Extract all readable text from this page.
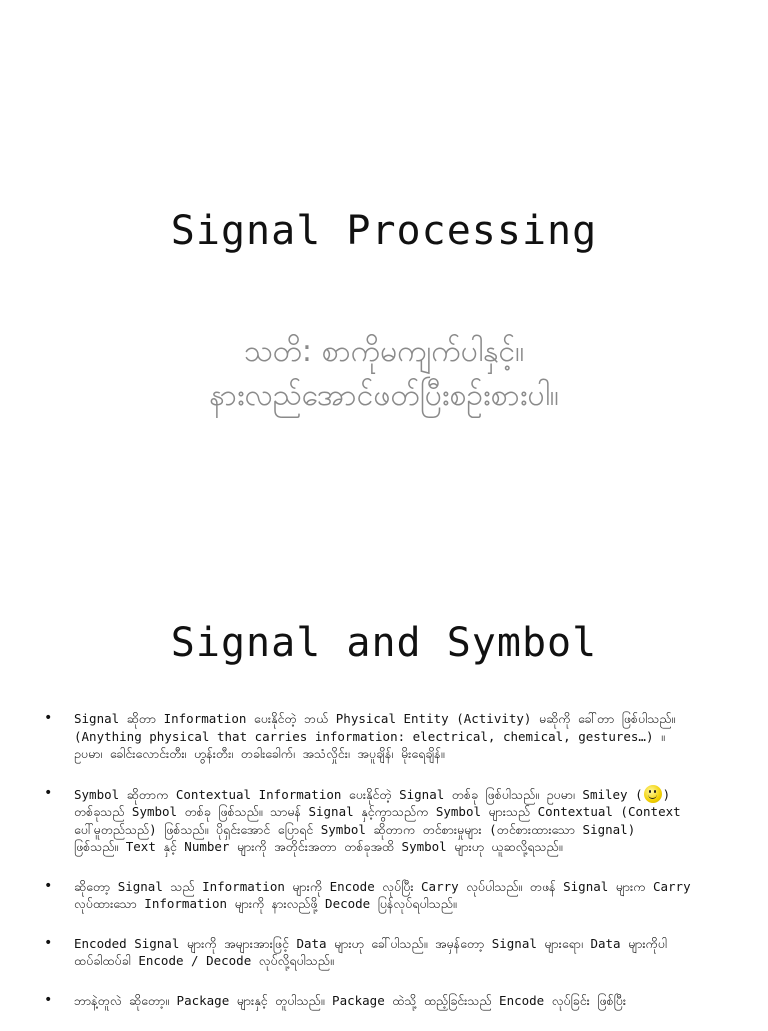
Signal Processing
သတိ: စာကိုမကျက်ပါနှင့်။
နားလည်အောင်ဖတ်ပြီးစဉ်းစားပါ။
Signal and Symbol
• Signal ဆိုတာ Information ပေးနိုင်တဲ့ ဘယ် Physical Entity (Activity) မဆိုကို ခေါ်တာ ဖြစ်ပါသည်။
(Anything physical that carries information: electrical, chemical, gestures…) ။
ဥပမာ၊ ခေါင်းလောင်းတီး၊ ဟွန်းတီး၊ တခါးခေါက်၊ အသံလှိုင်း၊ အပူချိန်၊ မိုးရေချိန်။
• Symbol ဆိုတာက Contextual Information ပေးနိုင်တဲ့ Signal တစ်ခု ဖြစ်ပါသည်။ ဥပမာ၊ Smiley ( )
တစ်ခုသည် Symbol တစ်ခု ဖြစ်သည်။ သာမန် Signal နှင့်ကွာသည်က Symbol များသည် Contextual (Context
ပေါ်မူတည်သည်) ဖြစ်သည်။ ပိုရှင်းအောင် ပြောရင် Symbol ဆိုတာက တင်စားမှုများ (တင်စားထားသော Signal)
ဖြစ်သည်။ Text နှင့် Number များကို အတိုင်းအတာ တစ်ခုအထိ Symbol များဟု ယူဆလို့ရသည်။
• ဆိုတော့ Signal သည် Information များကို Encode လုပ်ပြီး Carry လုပ်ပါသည်။ တဖန် Signal များက Carry
လုပ်ထားသော Information များကို နားလည်ဖို့ Decode ပြန်လုပ်ရပါသည်။
• Encoded Signal များကို အများအားဖြင့် Data များဟု ခေါ်ပါသည်။ အမှန်တော့ Signal များရော၊ Data များကိုပါ
ထပ်ခါထပ်ခါ Encode / Decode လုပ်လို့ရပါသည်။
• ဘာနဲ့တူလဲ ဆိုတော့။ Package များနှင့် တူပါသည်။ Package ထဲသို့ ထည့်ခြင်းသည် Encode လုပ်ခြင်း ဖြစ်ပြီး
